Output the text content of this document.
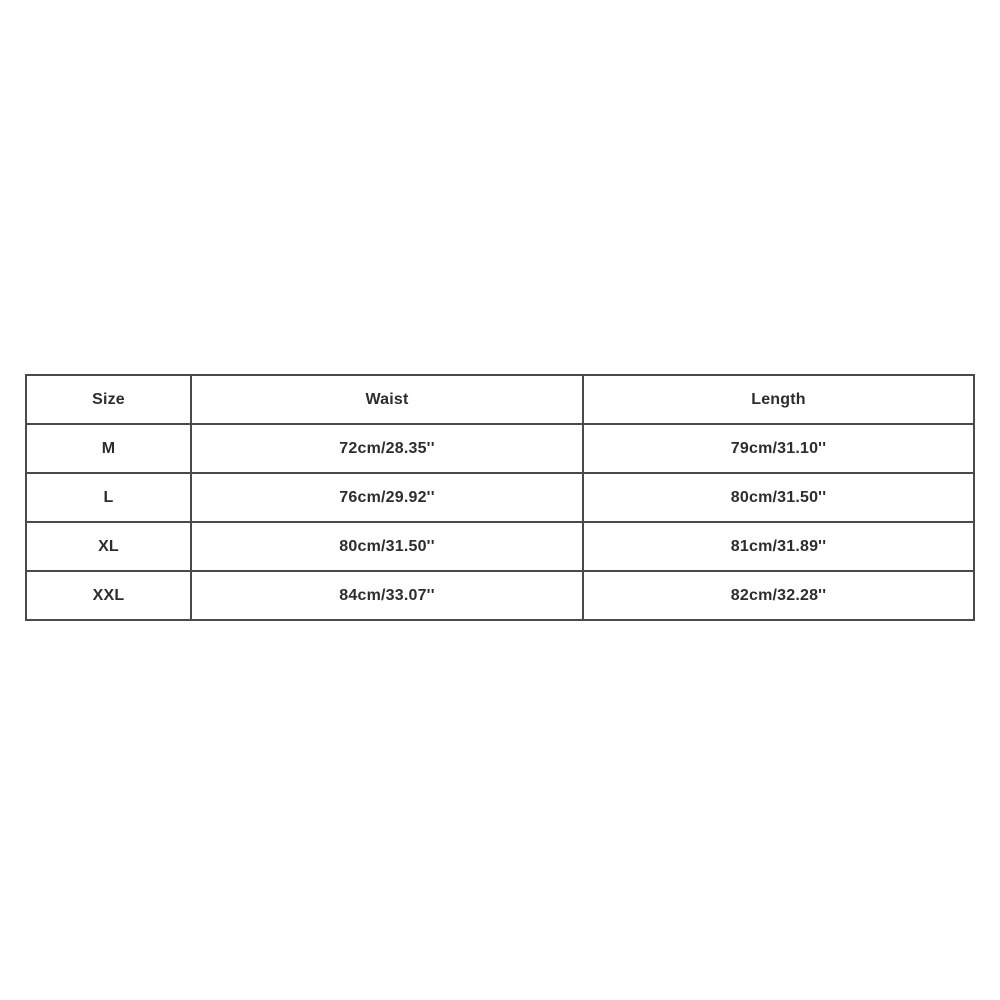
Size	Waist	Length
M	72cm/28.35''	79cm/31.10''
L	76cm/29.92''	80cm/31.50''
XL	80cm/31.50''	81cm/31.89''
XXL	84cm/33.07''	82cm/32.28''
